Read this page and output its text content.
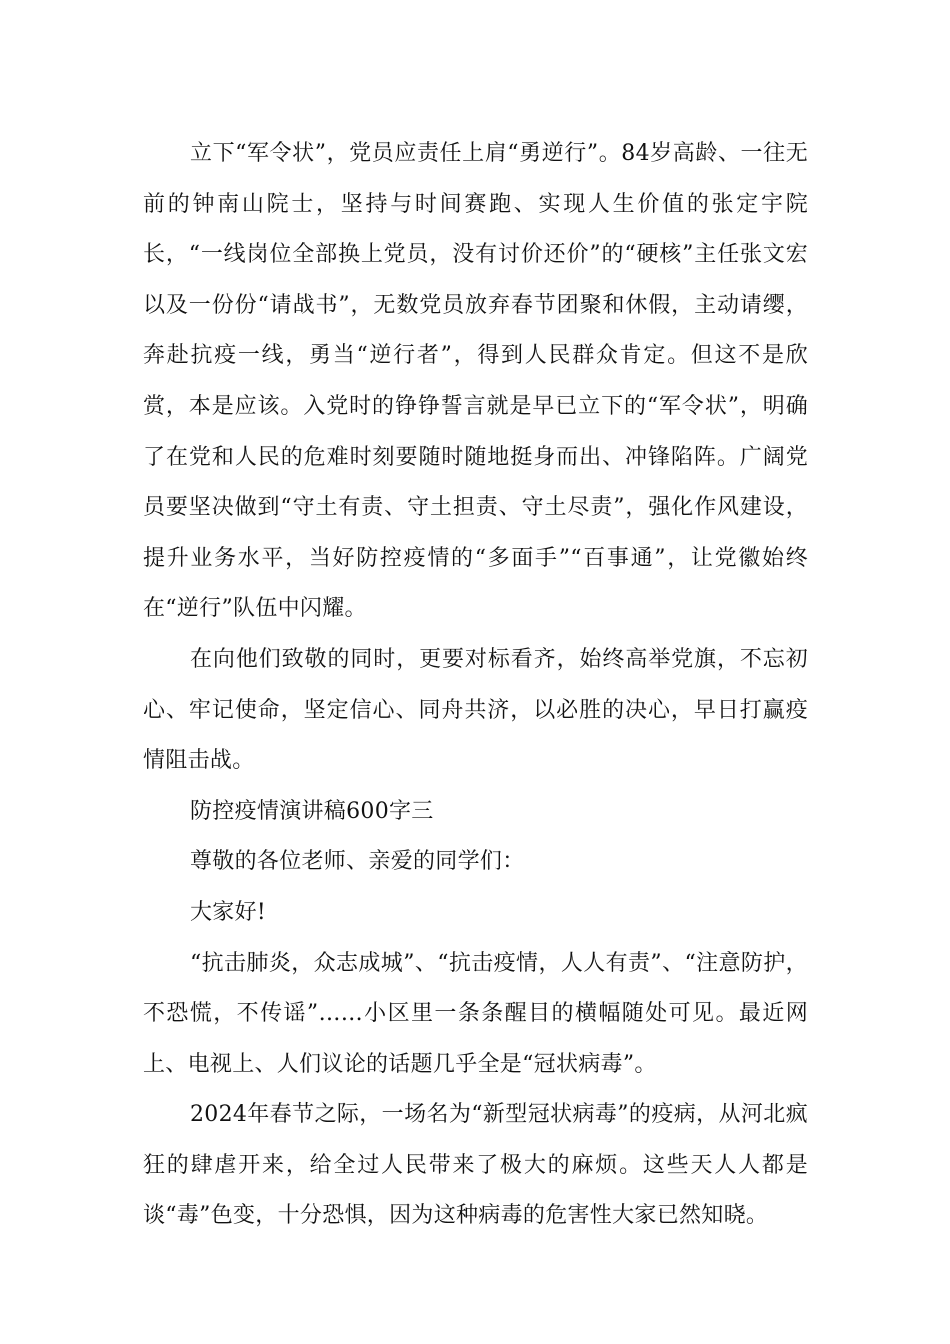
立下“军令状”，党员应责任上肩“勇逆行”。84岁高龄、一往无前的钟南山院士，坚持与时间赛跑、实现人生价值的张定宇院长，“一线岗位全部换上党员，没有讨价还价”的“硬核”主任张文宏以及一份份“请战书”，无数党员放弃春节团聚和休假，主动请缨，奔赴抗疫一线，勇当“逆行者”，得到人民群众肯定。但这不是欣赏，本是应该。入党时的铮铮誓言就是早已立下的“军令状”，明确了在党和人民的危难时刻要随时随地挺身而出、冲锋陷阵。广阔党员要坚决做到“守土有责、守土担责、守土尽责”，强化作风建设，提升业务水平，当好防控疫情的“多面手”“百事通”，让党徽始终在“逆行”队伍中闪耀。

在向他们致敬的同时，更要对标看齐，始终高举党旗，不忘初心、牢记使命，坚定信心、同舟共济，以必胜的决心，早日打赢疫情阻击战。

防控疫情演讲稿600字三

尊敬的各位老师、亲爱的同学们：

大家好!

“抗击肺炎，众志成城”、“抗击疫情，人人有责”、“注意防护，不恐慌，不传谣”……小区里一条条醒目的横幅随处可见。最近网上、电视上、人们议论的话题几乎全是“冠状病毒”。

2024年春节之际，一场名为“新型冠状病毒”的疫病，从河北疯狂的肆虐开来，给全过人民带来了极大的麻烦。这些天人人都是谈“毒”色变，十分恐惧，因为这种病毒的危害性大家已然知晓。
